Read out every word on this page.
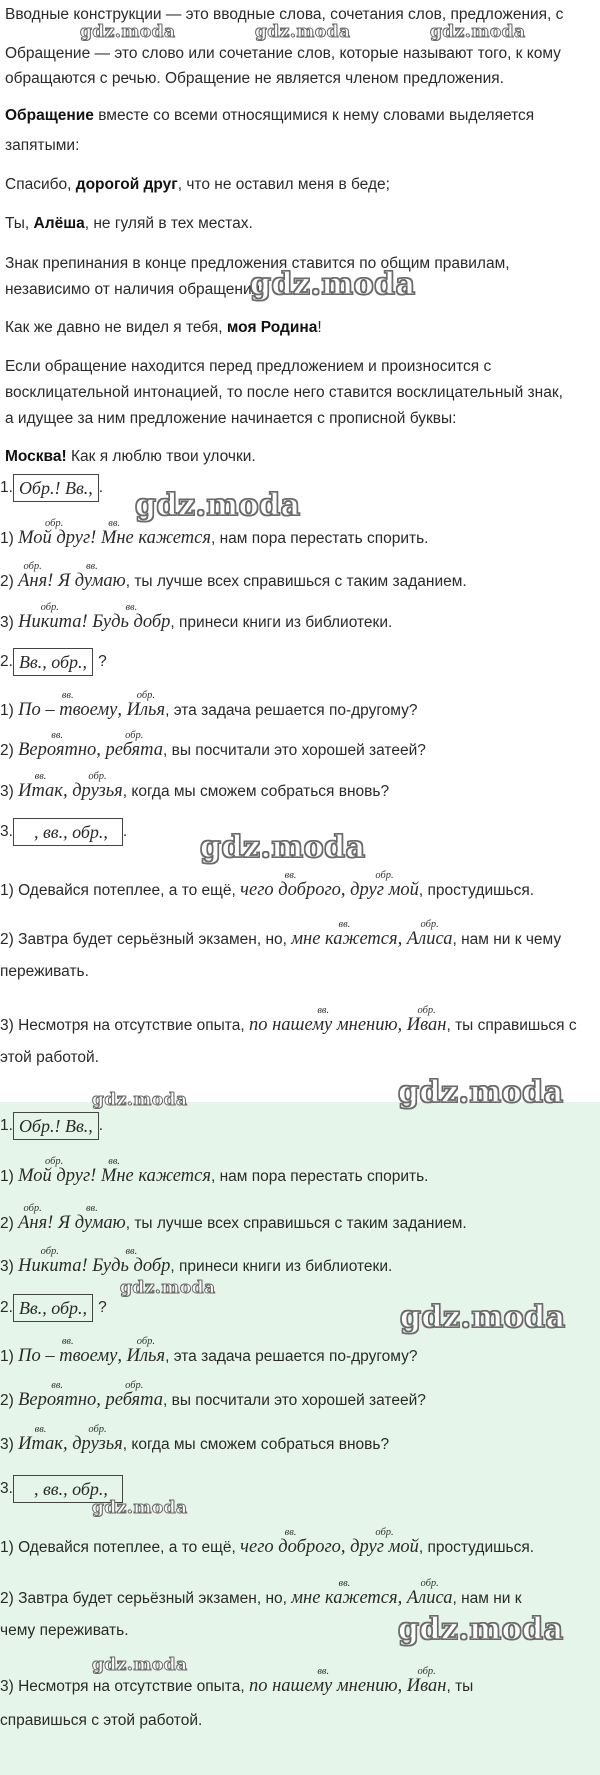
Вводные конструкции — это вводные слова, сочетания слов, предложения, с
Обращение — это слово или сочетание слов, которые называют того, к кому
обращаются с речью. Обращение не является членом предложения.
Обращение вместе со всеми относящимися к нему словами выделяется
запятыми:
Спасибо, дорогой друг, что не оставил меня в беде;
Ты, Алёша, не гуляй в тех местах.
Знак препинания в конце предложения ставится по общим правилам,
независимо от наличия обращения:
Как же давно не видел я тебя, моя Родина!
Если обращение находится перед предложением и произносится с
восклицательной интонацией, то после него ставится восклицательный знак,
а идущее за ним предложение начинается с прописной буквы:
Москва! Как я люблю твои улочки.
1. Обр.! Вв., .
1)
обр.
Мой друг!
вв.
Мне кажется, нам пора перестать спорить.
2)
обр.
Аня!
вв.
Я думаю, ты лучше всех справишься с таким заданием.
3)
обр.
Никита!
вв.
Будь добр, принеси книги из библиотеки.
2. Вв., обр., ?
1)
вв.
По – твоему,
обр.
Илья, эта задача решается по-другому?
2)
вв.
Вероятно,
обр.
ребята, вы посчитали это хорошей затеей?
3)
вв.
Итак,
обр.
друзья, когда мы сможем собраться вновь?
3. , вв., обр., .
1) Одевайся потеплее, а то ещё,
вв.
чего доброго,
обр.
друг мой, простудишься.
2) Завтра будет серьёзный экзамен, но,
вв.
мне кажется,
обр.
Алиса, нам ни к чему
переживать.
3) Несмотря на отсутствие опыта,
вв.
по нашему мнению,
обр.
Иван, ты справишься с
этой работой.
1. Обр.! Вв., .
1)
обр.
Мой друг!
вв.
Мне кажется, нам пора перестать спорить.
2)
обр.
Аня!
вв.
Я думаю, ты лучше всех справишься с таким заданием.
3)
обр.
Никита!
вв.
Будь добр, принеси книги из библиотеки.
2. Вв., обр., ?
1)
вв.
По – твоему,
обр.
Илья, эта задача решается по-другому?
2)
вв.
Вероятно,
обр.
ребята, вы посчитали это хорошей затеей?
3)
вв.
Итак,
обр.
друзья, когда мы сможем собраться вновь?
3. , вв., обр.,
1) Одевайся потеплее, а то ещё,
вв.
чего доброго,
обр.
друг мой, простудишься.
2) Завтра будет серьёзный экзамен, но,
вв.
мне кажется,
обр.
Алиса, нам ни к
чему переживать.
3) Несмотря на отсутствие опыта,
вв.
по нашему мнению,
обр.
Иван, ты
справишься с этой работой.
gdz.moda	gdz.moda	gdz.moda
gdz.moda
gdz.moda
gdz.moda
gdz.moda
gdz.moda
gdz.moda
gdz.moda
gdz.moda
gdz.moda
gdz.moda
